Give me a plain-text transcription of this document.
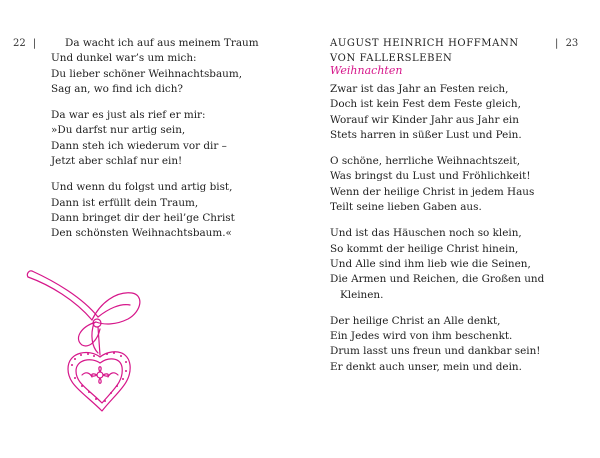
22 |	Da wacht ich auf aus meinem Traum
Und dunkel war’s um mich:
Du lieber schöner Weihnachtsbaum,
Sag an, wo find ich dich?
Da war es just als rief er mir:
»Du darfst nur artig sein,
Dann steh ich wiederum vor dir –
Jetzt aber schlaf nur ein!
Und wenn du folgst und artig bist,
Dann ist erfüllt dein Traum,
Dann bringet dir der heil’ge Christ
Den schönsten Weihnachtsbaum.«
| 23
AUGUST HEINRICH HOFFMANN
VON FALLERSLEBEN
Weihnachten
Zwar ist das Jahr an Festen reich,
Doch ist kein Fest dem Feste gleich,
Worauf wir Kinder Jahr aus Jahr ein
Stets harren in süßer Lust und Pein.
O schöne, herrliche Weihnachtszeit,
Was bringst du Lust und Fröhlichkeit!
Wenn der heilige Christ in jedem Haus
Teilt seine lieben Gaben aus.
Und ist das Häuschen noch so klein,
So kommt der heilige Christ hinein,
Und Alle sind ihm lieb wie die Seinen,
Die Armen und Reichen, die Großen und
Kleinen.
Der heilige Christ an Alle denkt,
Ein Jedes wird von ihm beschenkt.
Drum lasst uns freun und dankbar sein!
Er denkt auch unser, mein und dein.
